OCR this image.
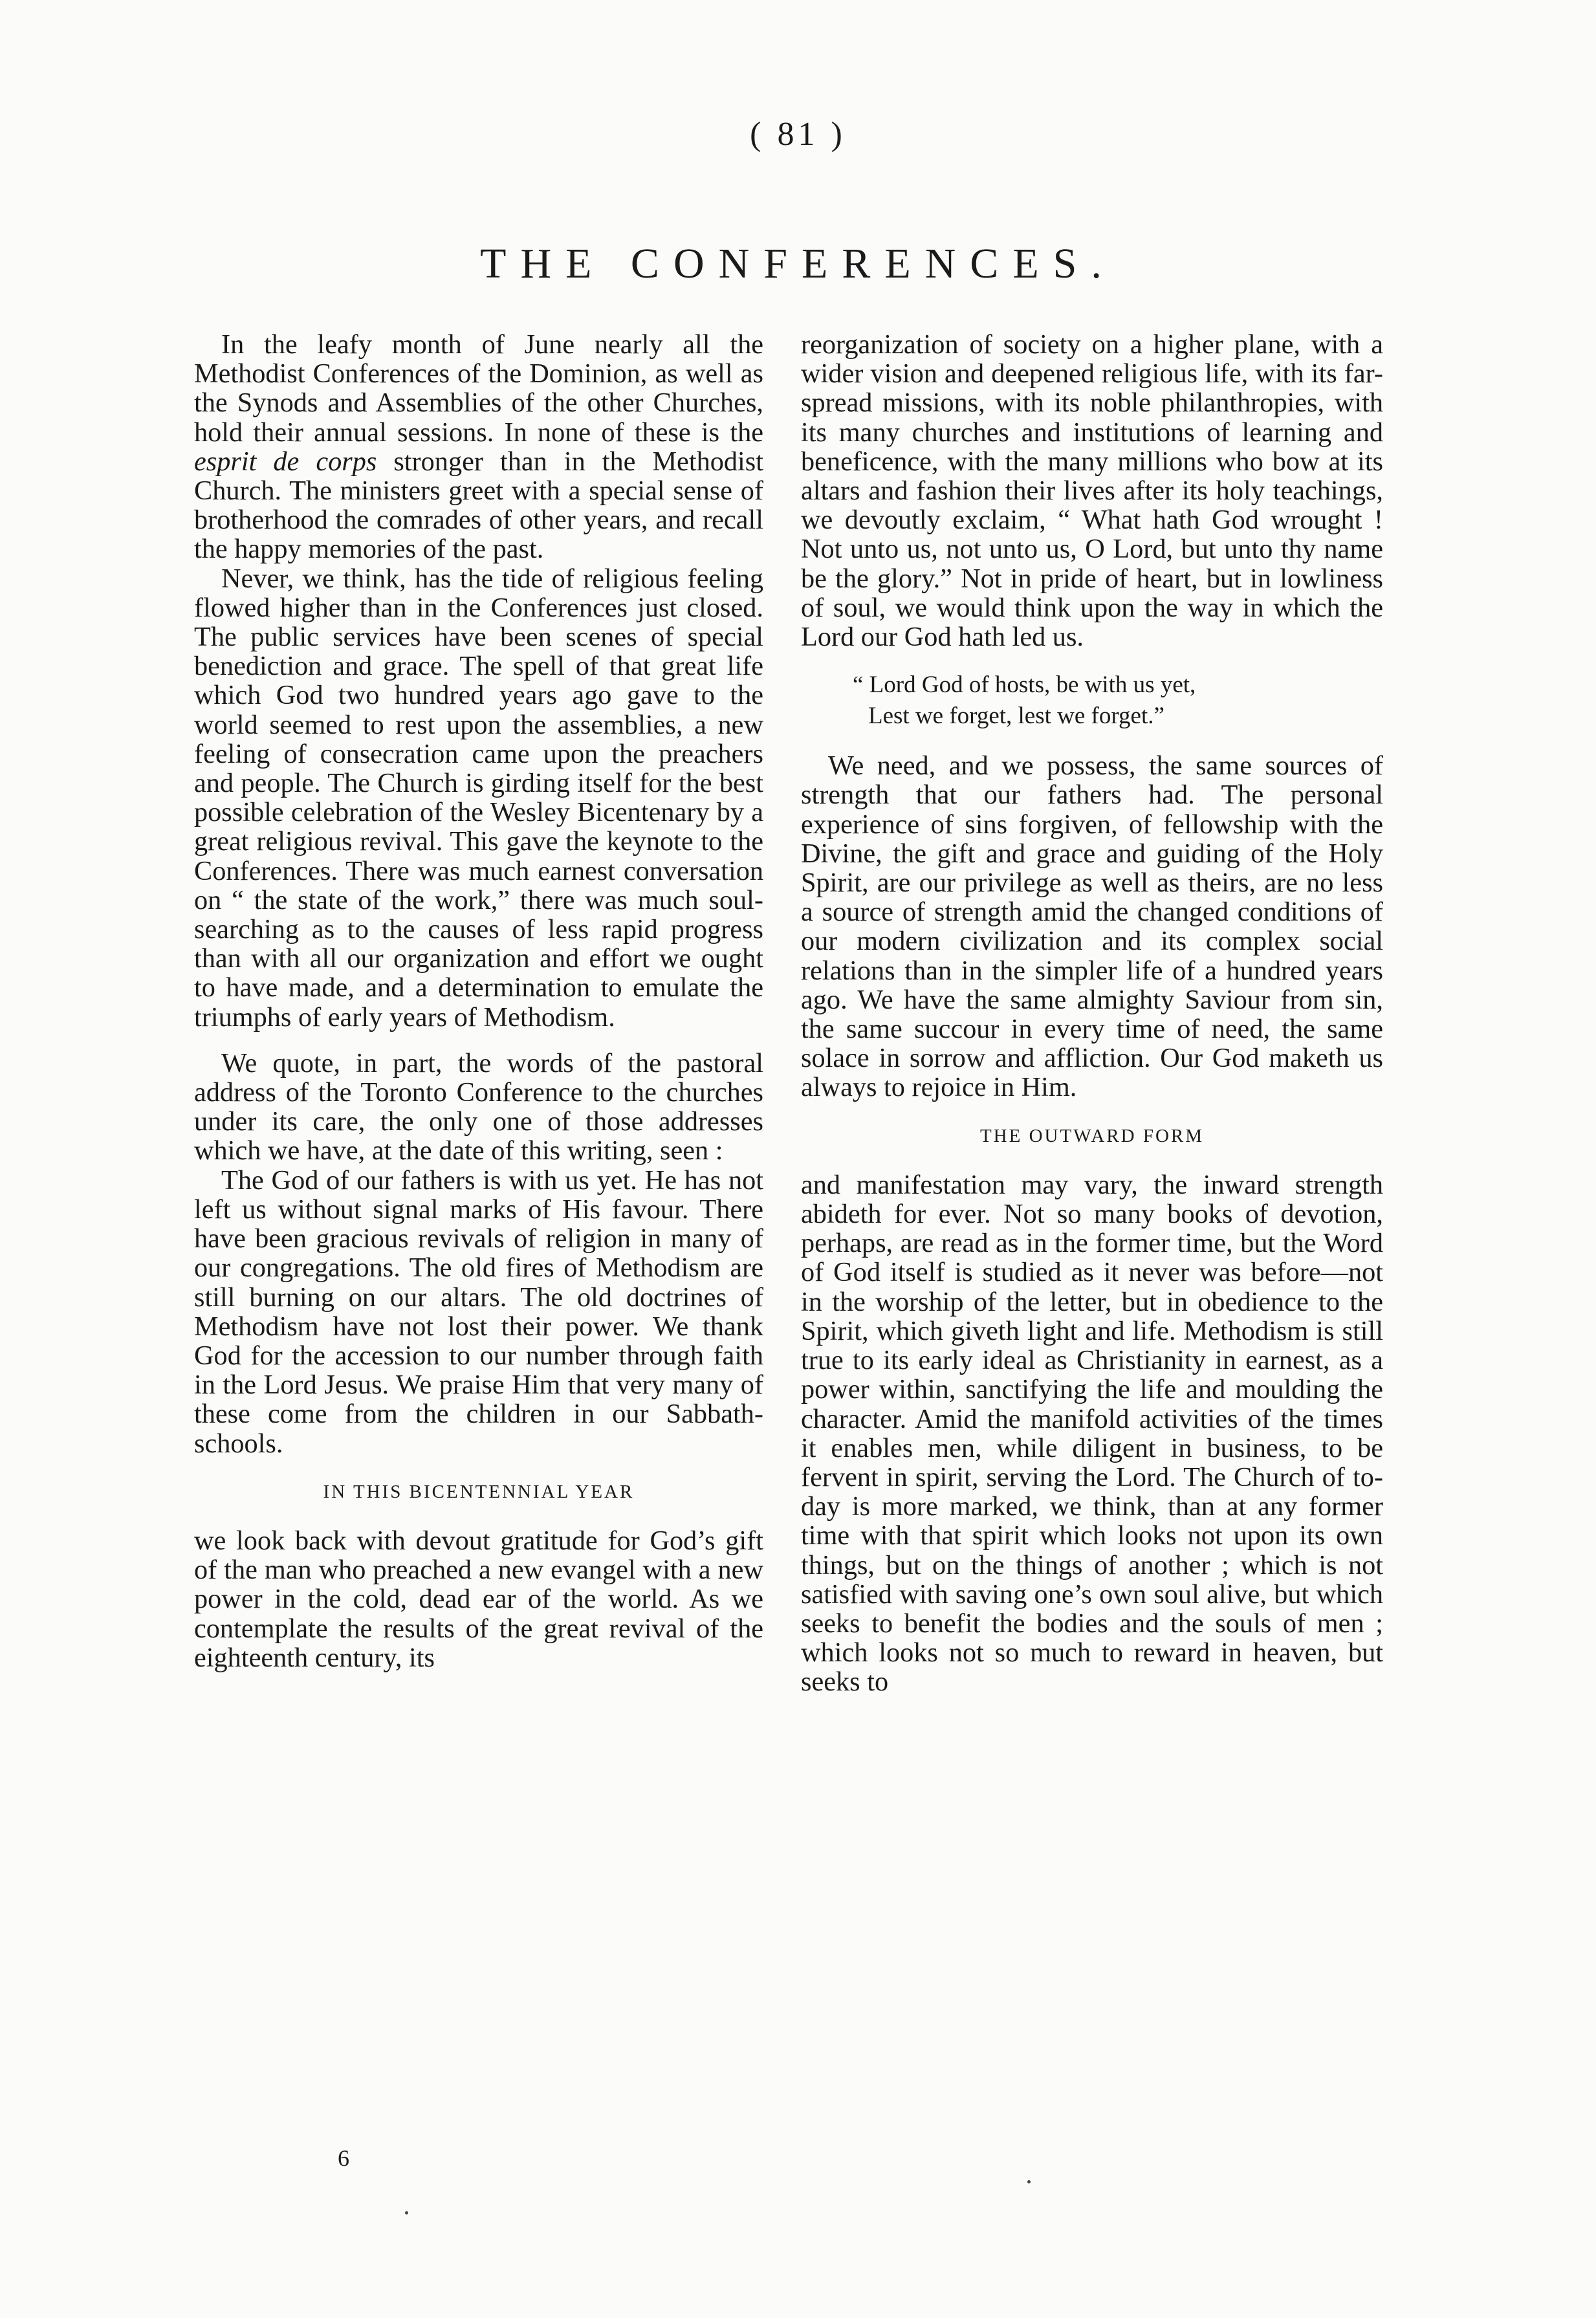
( 81 )
THE CONFERENCES.

In the leafy month of June nearly all the Methodist Conferences of the Dominion, as well as the Synods and Assemblies of the other Churches, hold their annual sessions. In none of these is the esprit de corps stronger than in the Methodist Church. The ministers greet with a special sense of brotherhood the comrades of other years, and recall the happy memories of the past.

Never, we think, has the tide of religious feeling flowed higher than in the Conferences just closed. The public services have been scenes of special benediction and grace. The spell of that great life which God two hundred years ago gave to the world seemed to rest upon the assemblies, a new feeling of consecration came upon the preachers and people. The Church is girding itself for the best possible celebration of the Wesley Bicentenary by a great religious revival. This gave the keynote to the Conferences. There was much earnest conversation on “ the state of the work,” there was much soul-searching as to the causes of less rapid progress than with all our organization and effort we ought to have made, and a determination to emulate the triumphs of early years of Methodism.

We quote, in part, the words of the pastoral address of the Toronto Conference to the churches under its care, the only one of those addresses which we have, at the date of this writing, seen :

The God of our fathers is with us yet. He has not left us without signal marks of His favour. There have been gracious revivals of religion in many of our congregations. The old fires of Methodism are still burning on our altars. The old doctrines of Methodism have not lost their power. We thank God for the accession to our number through faith in the Lord Jesus. We praise Him that very many of these come from the children in our Sabbath-schools.

IN THIS BICENTENNIAL YEAR

we look back with devout gratitude for God’s gift of the man who preached a new evangel with a new power in the cold, dead ear of the world. As we contemplate the results of the great revival of the eighteenth century, its

reorganization of society on a higher plane, with a wider vision and deepened religious life, with its far-spread missions, with its noble philanthropies, with its many churches and institutions of learning and beneficence, with the many millions who bow at its altars and fashion their lives after its holy teachings, we devoutly exclaim, “ What hath God wrought ! Not unto us, not unto us, O Lord, but unto thy name be the glory.” Not in pride of heart, but in lowliness of soul, we would think upon the way in which the Lord our God hath led us.

“ Lord God of hosts, be with us yet,
Lest we forget, lest we forget.”

We need, and we possess, the same sources of strength that our fathers had. The personal experience of sins forgiven, of fellowship with the Divine, the gift and grace and guiding of the Holy Spirit, are our privilege as well as theirs, are no less a source of strength amid the changed conditions of our modern civilization and its complex social relations than in the simpler life of a hundred years ago. We have the same almighty Saviour from sin, the same succour in every time of need, the same solace in sorrow and affliction. Our God maketh us always to rejoice in Him.

THE OUTWARD FORM

and manifestation may vary, the inward strength abideth for ever. Not so many books of devotion, perhaps, are read as in the former time, but the Word of God itself is studied as it never was before—not in the worship of the letter, but in obedience to the Spirit, which giveth light and life. Methodism is still true to its early ideal as Christianity in earnest, as a power within, sanctifying the life and moulding the character. Amid the manifold activities of the times it enables men, while diligent in business, to be fervent in spirit, serving the Lord. The Church of to-day is more marked, we think, than at any former time with that spirit which looks not upon its own things, but on the things of another ; which is not satisfied with saving one’s own soul alive, but which seeks to benefit the bodies and the souls of men ; which looks not so much to reward in heaven, but seeks to

6
